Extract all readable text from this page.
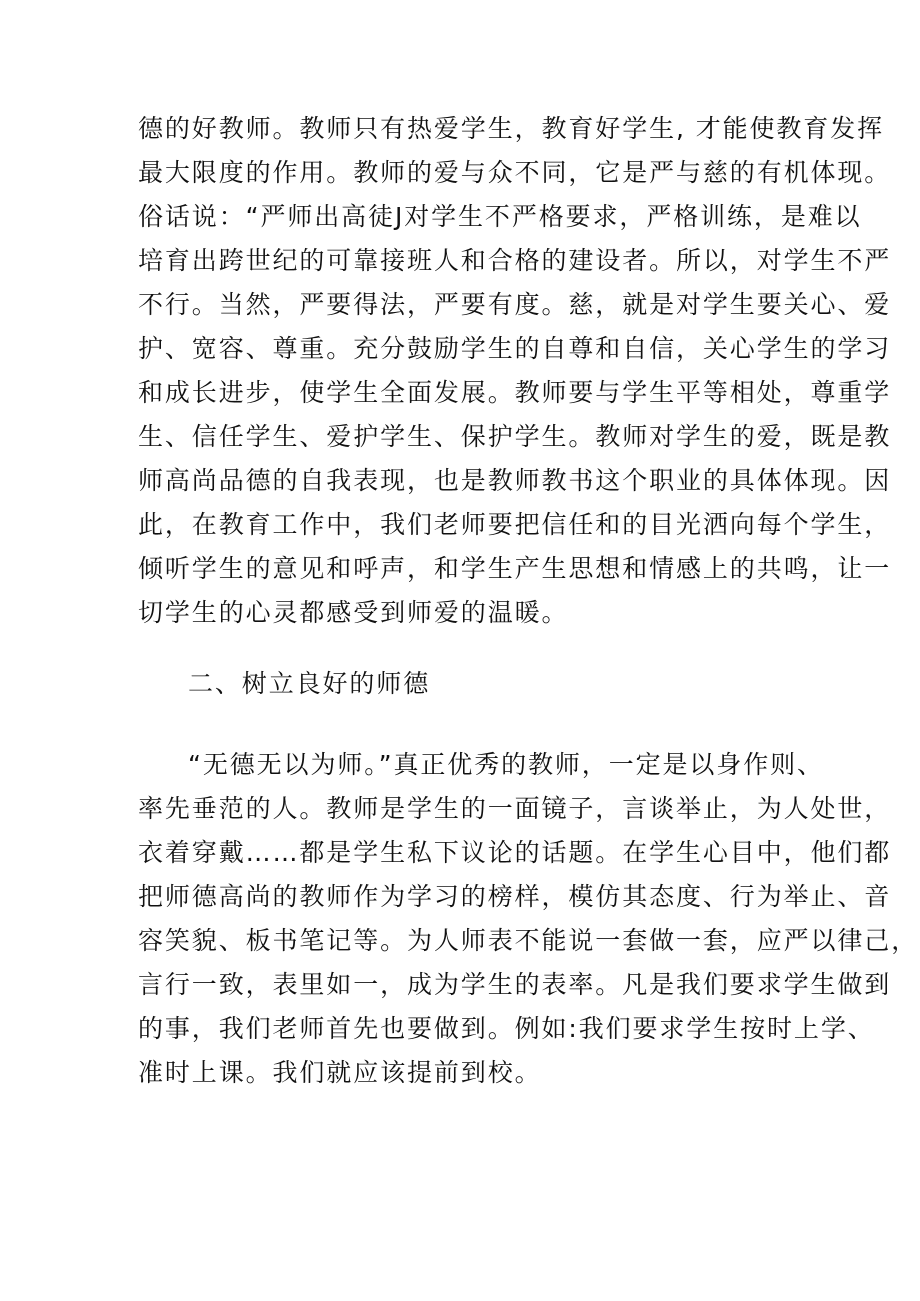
德的好教师。教师只有热爱学生，教育好学生, 才能使教育发挥
最大限度的作用。教师的爱与众不同，它是严与慈的有机体现。
俗话说：“严师出高徒J对学生不严格要求，严格训练，是难以
培育出跨世纪的可靠接班人和合格的建设者。所以，对学生不严
不行。当然，严要得法，严要有度。慈，就是对学生要关心、爱
护、宽容、尊重。充分鼓励学生的自尊和自信，关心学生的学习
和成长进步，使学生全面发展。教师要与学生平等相处，尊重学
生、信任学生、爱护学生、保护学生。教师对学生的爱，既是教
师高尚品德的自我表现，也是教师教书这个职业的具体体现。因
此，在教育工作中，我们老师要把信任和的目光洒向每个学生，
倾听学生的意见和呼声，和学生产生思想和情感上的共鸣，让一
切学生的心灵都感受到师爱的温暖。
二、树立良好的师德
“无德无以为师。”真正优秀的教师，一定是以身作则、
率先垂范的人。教师是学生的一面镜子，言谈举止，为人处世，
衣着穿戴……都是学生私下议论的话题。在学生心目中，他们都
把师德高尚的教师作为学习的榜样，模仿其态度、行为举止、音
容笑貌、板书笔记等。为人师表不能说一套做一套，应严以律己，
言行一致，表里如一，成为学生的表率。凡是我们要求学生做到
的事，我们老师首先也要做到。例如:我们要求学生按时上学、
准时上课。我们就应该提前到校。
